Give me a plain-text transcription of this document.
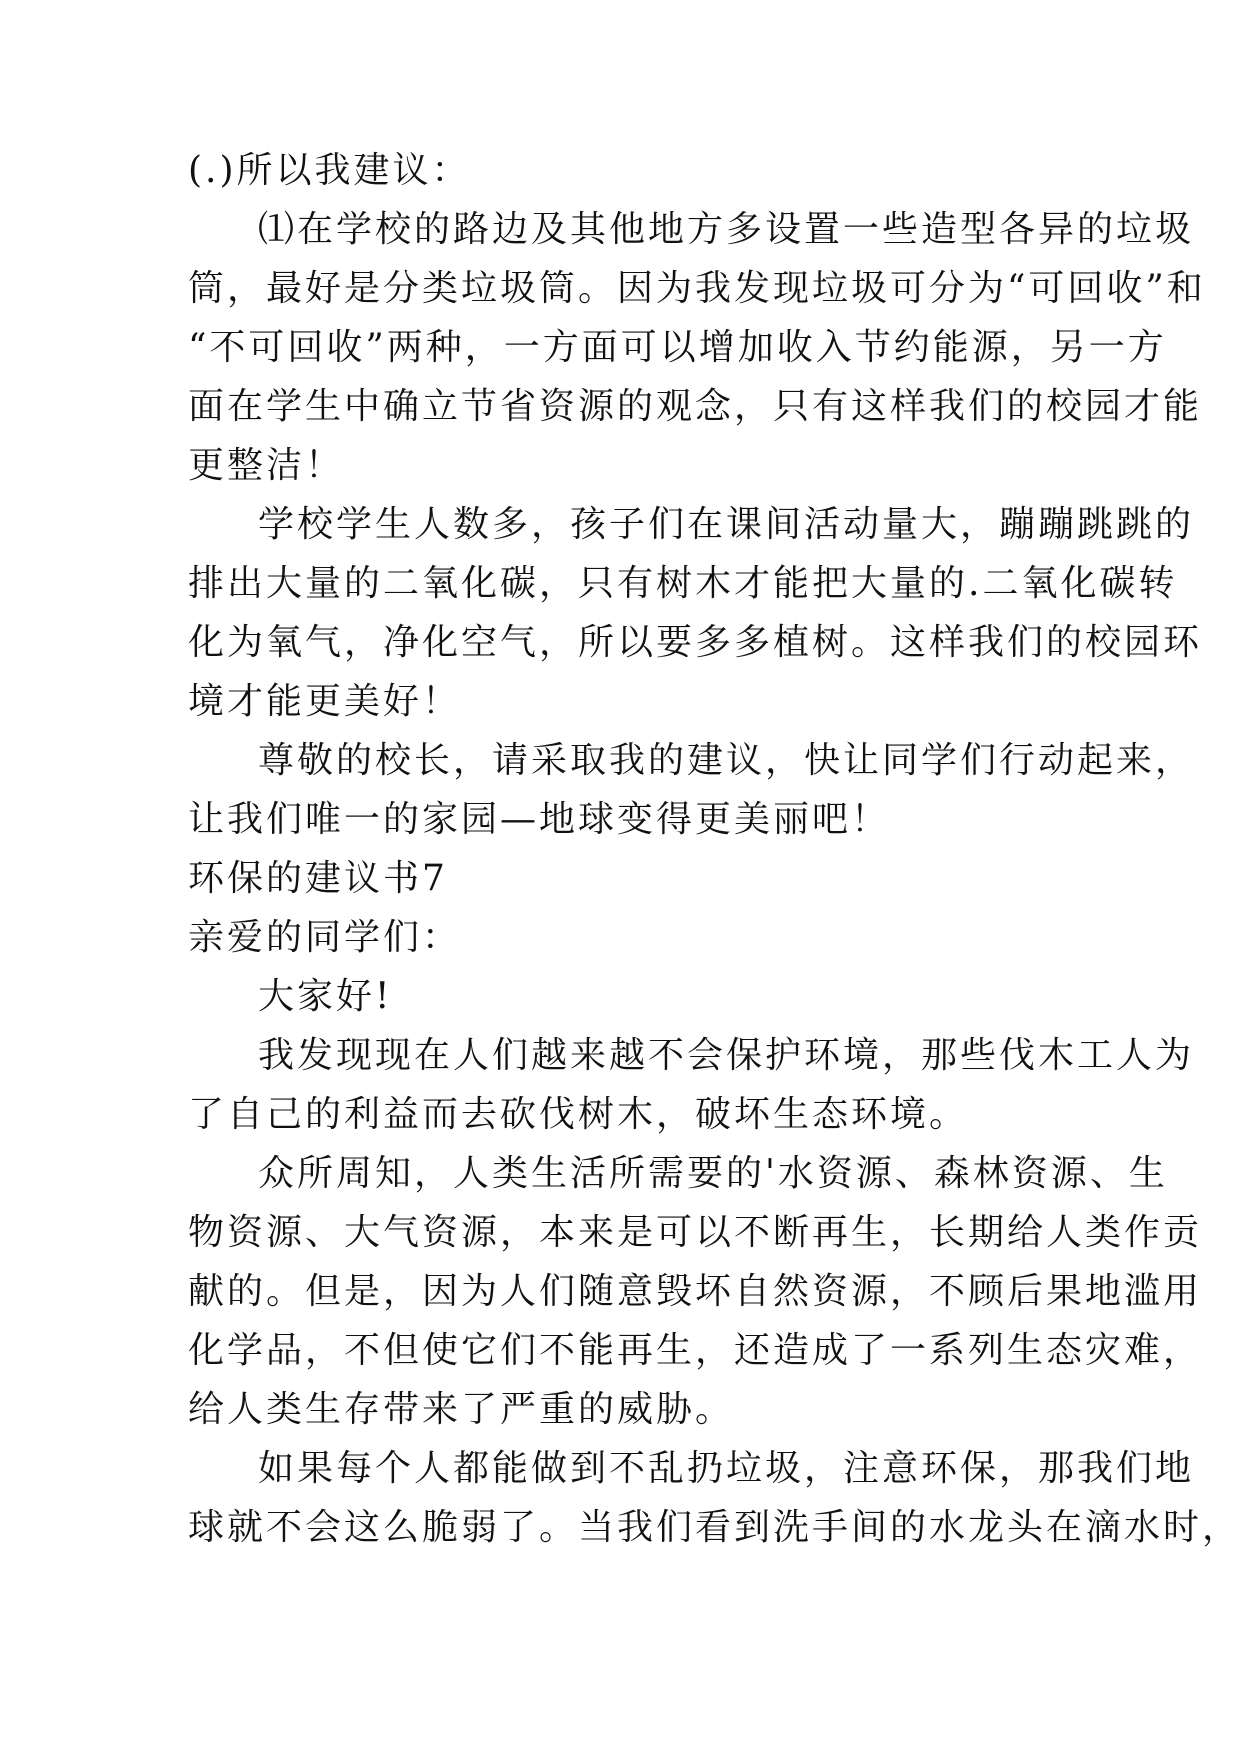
(.)所以我建议：
⑴在学校的路边及其他地方多设置一些造型各异的垃圾
筒，最好是分类垃圾筒。因为我发现垃圾可分为“可回收”和
“不可回收”两种，一方面可以增加收入节约能源，另一方
面在学生中确立节省资源的观念，只有这样我们的校园才能
更整洁！
学校学生人数多，孩子们在课间活动量大，蹦蹦跳跳的
排出大量的二氧化碳，只有树木才能把大量的.二氧化碳转
化为氧气，净化空气，所以要多多植树。这样我们的校园环
境才能更美好！
尊敬的校长，请采取我的建议，快让同学们行动起来，
让我们唯一的家园—地球变得更美丽吧！
环保的建议书7
亲爱的同学们：
大家好!
我发现现在人们越来越不会保护环境，那些伐木工人为
了自己的利益而去砍伐树木，破坏生态环境。
众所周知，人类生活所需要的'水资源、森林资源、生
物资源、大气资源，本来是可以不断再生，长期给人类作贡
献的。但是，因为人们随意毁坏自然资源，不顾后果地滥用
化学品，不但使它们不能再生，还造成了一系列生态灾难，
给人类生存带来了严重的威胁。
如果每个人都能做到不乱扔垃圾，注意环保，那我们地
球就不会这么脆弱了。当我们看到洗手间的水龙头在滴水时，
